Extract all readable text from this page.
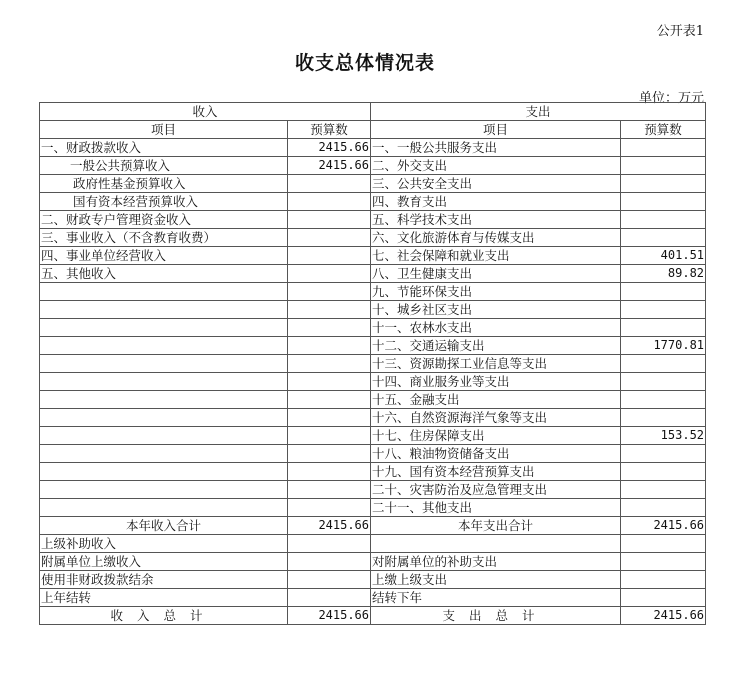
公开表1
收支总体情况表
单位：万元
收入		支出	
项目	预算数	项目	预算数
一、财政拨款收入	2415.66	一、一般公共服务支出	
一般公共预算收入	2415.66	二、外交支出	
政府性基金预算收入		三、公共安全支出	
国有资本经营预算收入		四、教育支出	
二、财政专户管理资金收入		五、科学技术支出	
三、事业收入（不含教育收费）		六、文化旅游体育与传媒支出	
四、事业单位经营收入		七、社会保障和就业支出	401.51
五、其他收入		八、卫生健康支出	89.82
		九、节能环保支出	
		十、城乡社区支出	
		十一、农林水支出	
		十二、交通运输支出	1770.81
		十三、资源勘探工业信息等支出	
		十四、商业服务业等支出	
		十五、金融支出	
		十六、自然资源海洋气象等支出	
		十七、住房保障支出	153.52
		十八、粮油物资储备支出	
		十九、国有资本经营预算支出	
		二十、灾害防治及应急管理支出	
		二十一、其他支出	
本年收入合计	2415.66	本年支出合计	2415.66
上级补助收入			
附属单位上缴收入		对附属单位的补助支出	
使用非财政拨款结余		上缴上级支出	
上年结转		结转下年	
收入总计	2415.66	支出总计	2415.66
